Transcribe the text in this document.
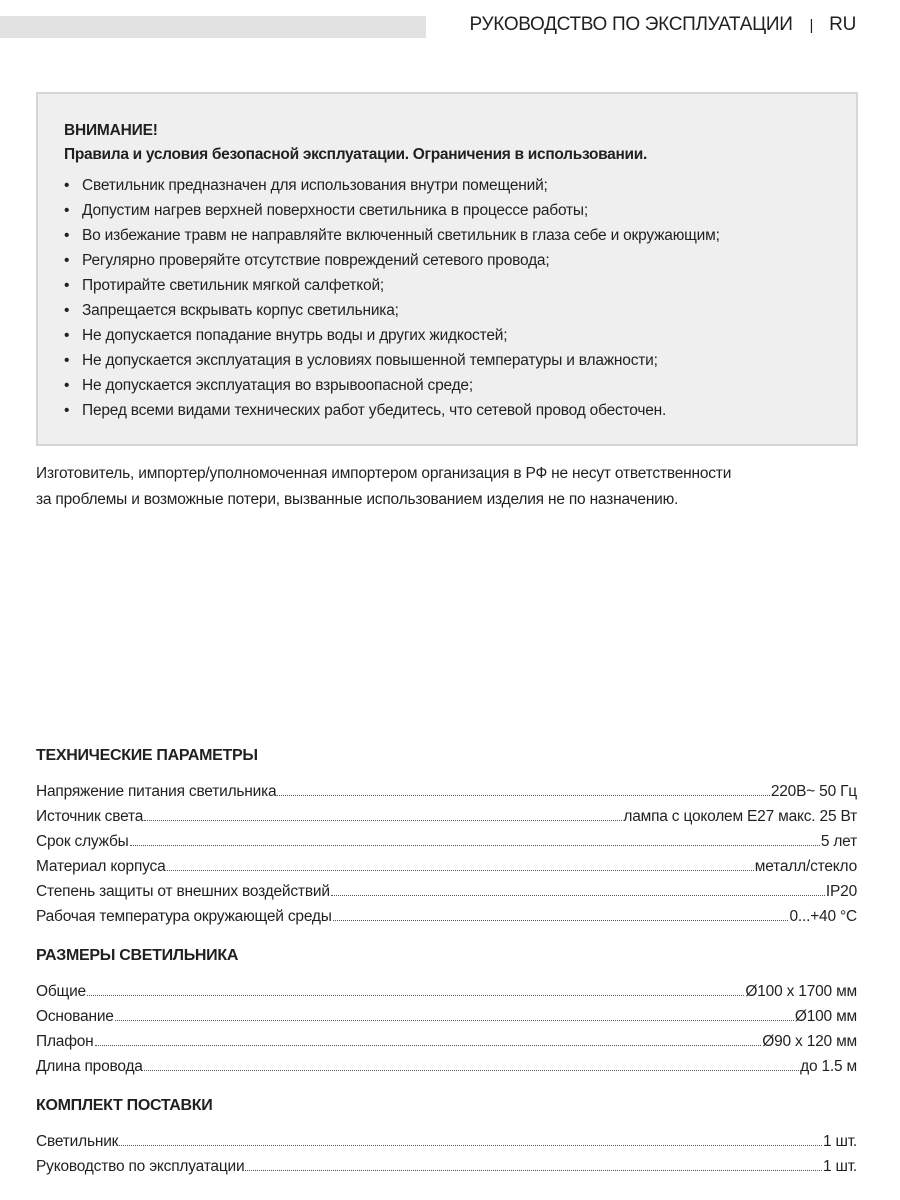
РУКОВОДСТВО ПО ЭКСПЛУАТАЦИИ | RU
ВНИМАНИЕ!
Правила и условия безопасной эксплуатации. Ограничения в использовании.
• Светильник предназначен для использования внутри помещений;
• Допустим нагрев верхней поверхности светильника в процессе работы;
• Во избежание травм не направляйте включенный светильник в глаза себе и окружающим;
• Регулярно проверяйте отсутствие повреждений сетевого провода;
• Протирайте светильник мягкой салфеткой;
• Запрещается вскрывать корпус светильника;
• Не допускается попадание внутрь воды и других жидкостей;
• Не допускается эксплуатация в условиях повышенной температуры и влажности;
• Не допускается эксплуатация во взрывоопасной среде;
• Перед всеми видами технических работ убедитесь, что сетевой провод обесточен.
Изготовитель, импортер/уполномоченная импортером организация в РФ не несут ответственности
за проблемы и возможные потери, вызванные использованием изделия не по назначению.
ТЕХНИЧЕСКИЕ ПАРАМЕТРЫ
Напряжение питания светильника	220В~ 50 Гц
Источник света	лампа с цоколем Е27 макс. 25 Вт
Срок службы	5 лет
Материал корпуса	металл/стекло
Степень защиты от внешних воздействий	IP20
Рабочая температура окружающей среды	0...+40 °C
РАЗМЕРЫ СВЕТИЛЬНИКА
Общие	Ø100 х 1700 мм
Основание	Ø100 мм
Плафон	Ø90 х 120 мм
Длина провода	до 1.5 м
КОМПЛЕКТ ПОСТАВКИ
Светильник	1 шт.
Руководство по эксплуатации	1 шт.
